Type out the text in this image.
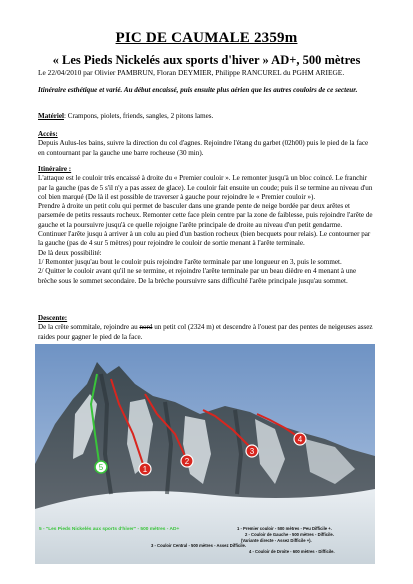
PIC DE CAUMALE 2359m
« Les Pieds Nickelés aux sports d'hiver » AD+, 500 mètres
Le 22/04/2010 par Olivier PAMBRUN, Floran DEYMIER, Philippe RANCUREL du PGHM ARIEGE.
Itinéraire esthétique et varié. Au début encaissé, puis ensuite plus aérien que les autres couloirs de ce secteur.
Matériel: Crampons, piolets, friends, sangles, 2 pitons lames.
Accès:
Depuis Aulus-les bains, suivre la direction du col d'agnes. Rejoindre l'étang du garbet (02h00) puis le pied de la face en contournant par la gauche une barre rocheuse (30 min).
Itinéraire :
L'attaque est le couloir très encaissé à droite du « Premier couloir ». Le remonter jusqu'à un bloc coincé. Le franchir par la gauche (pas de 5 s'il n'y a pas assez de glace). Le couloir fait ensuite un coude; puis il se termine au niveau d'un col bien marqué (De là il est possible de traverser à gauche pour rejoindre le « Premier couloir »).
Prendre à droite un petit colu qui permet de basculer dans une grande pente de neige bordée par deux arêtes et parsemée de petits ressauts rocheux. Remonter cette face plein centre par la zone de faiblesse, puis rejoindre l'arête de gauche et la poursuivre jusqu'à ce quelle rejoigne l'arête principale de droite au niveau d'un petit gendarme.
Continuer l'arête jusqu à arriver à un colu au pied d'un bastion rocheux (bien becquets pour relais). Le contourner par la gauche (pas de 4 sur 5 mètres) pour rejoindre le couloir de sortie menant à l'arête terminale.
De là deux possibilité:
1/ Remonter jusqu'au bout le couloir puis rejoindre l'arête terminale par une longueur en 3, puis le sommet.
2/ Quitter le couloir avant qu'il ne se termine, et rejoindre l'arête terminale par un beau dièdre en 4 menant à une brèche sous le sommet secondaire. De la brèche poursuivre sans difficulté l'arête principale jusqu'au sommet.
Descente:
De la crête sommitale, rejoindre au nord un petit col (2324 m) et descendre à l'ouest par des pentes de neigeuses assez raides pour gagner le pied de la face.
5	1
2
3
4
5 - "Les Pieds Nickelés aux sports d'hiver" - 500 mètres - AD+	1 - Premier couloir - 500 mètres - Peu Difficile +.
2 - Couloir de Gauche - 500 mètres - Difficile.
(Variante directe - Assez Difficile +).
3 - Couloir Central - 500 mètres - Assez Difficile.
4 - Couloir de Droite - 600 mètres - Difficile.
